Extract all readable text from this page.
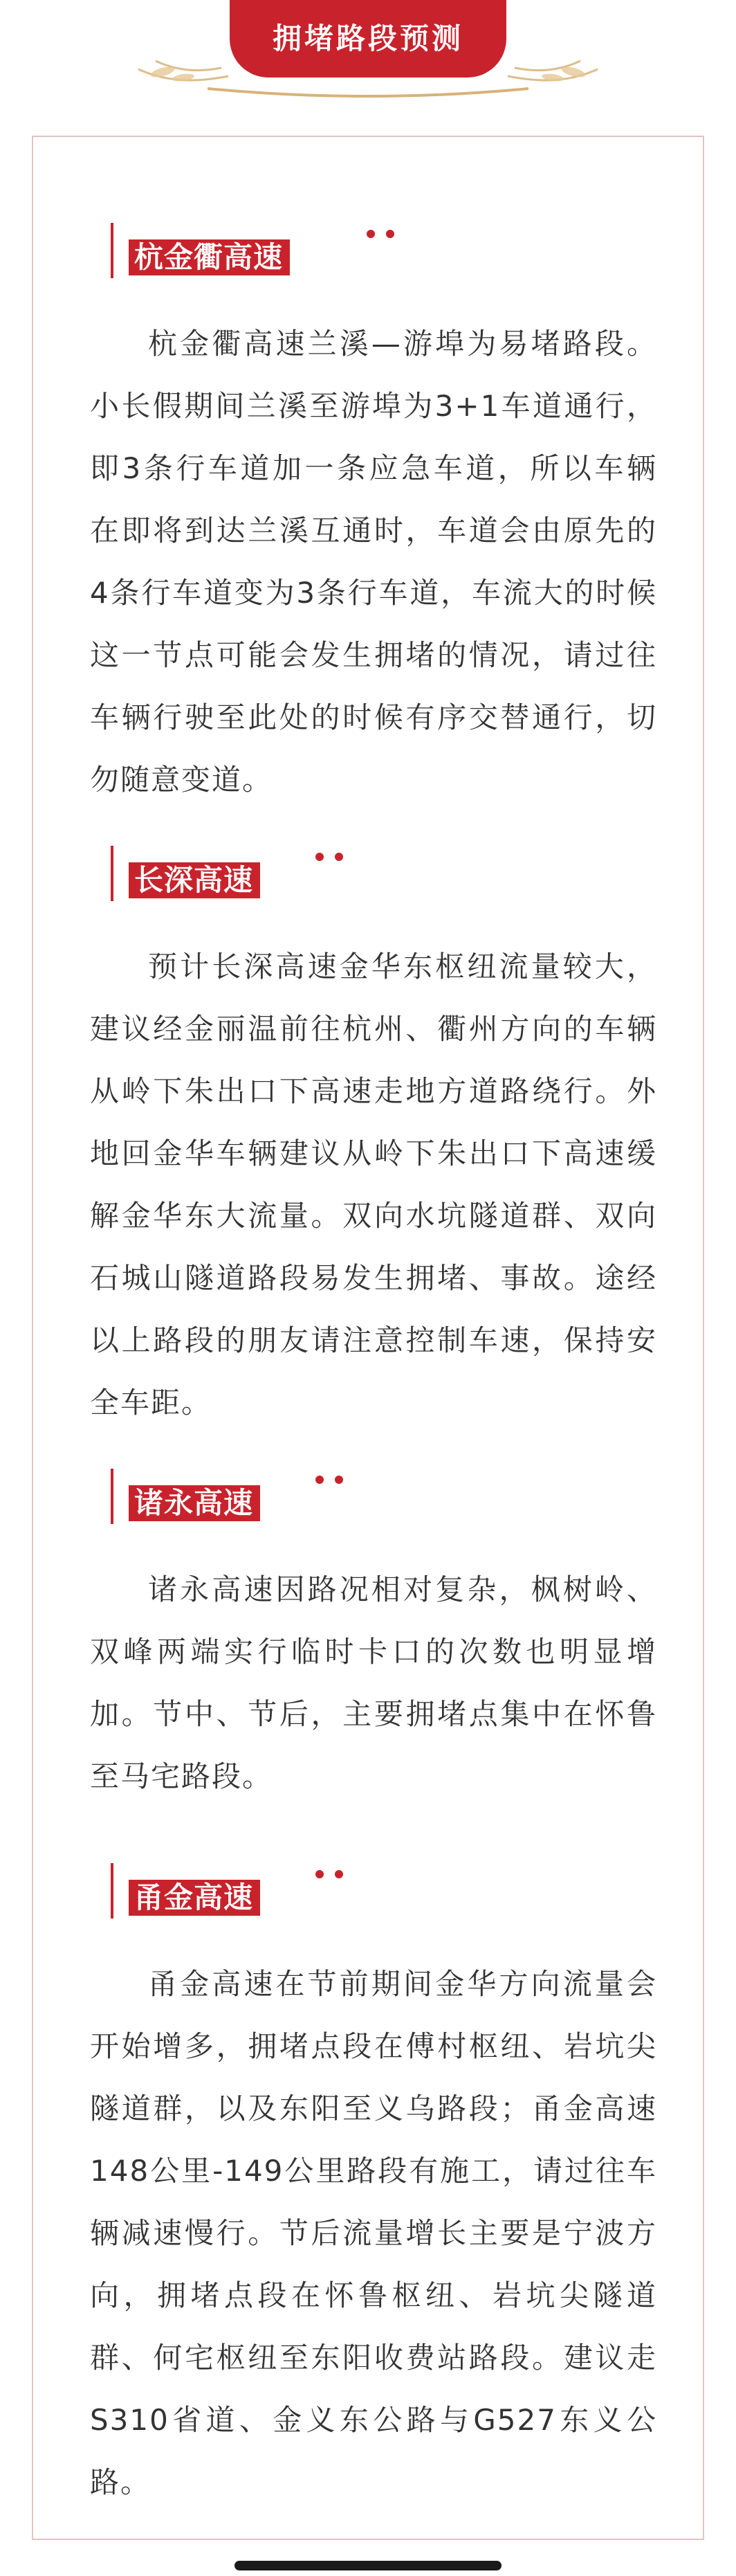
拥堵路段预测
杭金衢高速
杭金衢高速兰溪—游埠为易堵路段。小长假期间兰溪至游埠为3+1车道通行，即3条行车道加一条应急车道，所以车辆在即将到达兰溪互通时，车道会由原先的4条行车道变为3条行车道，车流大的时候这一节点可能会发生拥堵的情况，请过往车辆行驶至此处的时候有序交替通行，切勿随意变道。
长深高速
预计长深高速金华东枢纽流量较大，建议经金丽温前往杭州、衢州方向的车辆从岭下朱出口下高速走地方道路绕行。外地回金华车辆建议从岭下朱出口下高速缓解金华东大流量。双向水坑隧道群、双向石城山隧道路段易发生拥堵、事故。途经以上路段的朋友请注意控制车速，保持安全车距。
诸永高速
诸永高速因路况相对复杂，枫树岭、双峰两端实行临时卡口的次数也明显增加。节中、节后，主要拥堵点集中在怀鲁至马宅路段。
甬金高速
甬金高速在节前期间金华方向流量会开始增多，拥堵点段在傅村枢纽、岩坑尖隧道群，以及东阳至义乌路段；甬金高速148公里-149公里路段有施工，请过往车辆减速慢行。节后流量增长主要是宁波方向，拥堵点段在怀鲁枢纽、岩坑尖隧道群、何宅枢纽至东阳收费站路段。建议走S310省道、金义东公路与G527东义公路。
